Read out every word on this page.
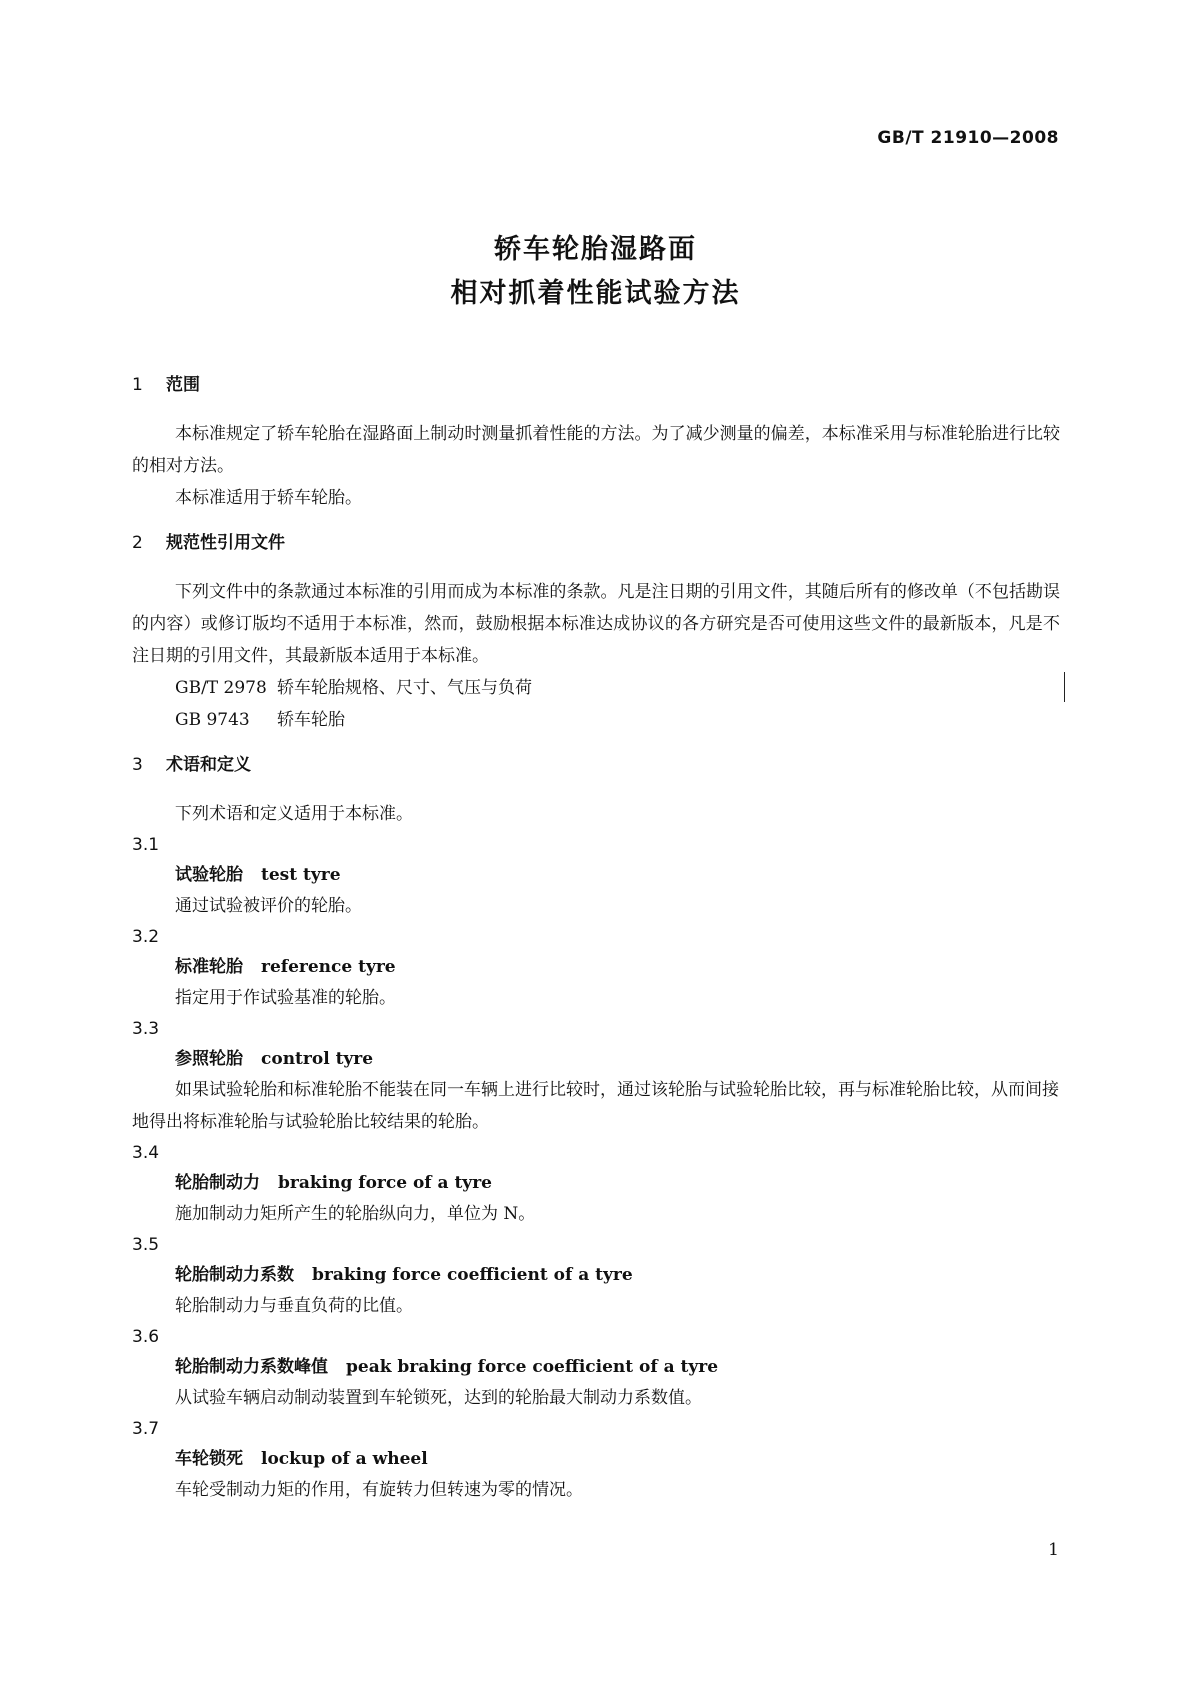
GB/T 21910—2008
轿车轮胎湿路面
相对抓着性能试验方法
1 范围

本标准规定了轿车轮胎在湿路面上制动时测量抓着性能的方法。为了减少测量的偏差，本标准采用与标准轮胎进行比较的相对方法。

本标准适用于轿车轮胎。

2 规范性引用文件

下列文件中的条款通过本标准的引用而成为本标准的条款。凡是注日期的引用文件，其随后所有的修改单（不包括勘误的内容）或修订版均不适用于本标准，然而，鼓励根据本标准达成协议的各方研究是否可使用这些文件的最新版本，凡是不注日期的引用文件，其最新版本适用于本标准。

GB/T 2978 轿车轮胎规格、尺寸、气压与负荷
GB 9743 轿车轮胎
3 术语和定义

下列术语和定义适用于本标准。

3.1
试验轮胎 test tyre

通过试验被评价的轮胎。

3.2
标准轮胎 reference tyre

指定用于作试验基准的轮胎。

3.3
参照轮胎 control tyre

如果试验轮胎和标准轮胎不能装在同一车辆上进行比较时，通过该轮胎与试验轮胎比较，再与标准轮胎比较，从而间接地得出将标准轮胎与试验轮胎比较结果的轮胎。

3.4
轮胎制动力 braking force of a tyre

施加制动力矩所产生的轮胎纵向力，单位为 N。

3.5
轮胎制动力系数 braking force coefficient of a tyre

轮胎制动力与垂直负荷的比值。

3.6
轮胎制动力系数峰值 peak braking force coefficient of a tyre

从试验车辆启动制动装置到车轮锁死，达到的轮胎最大制动力系数值。

3.7
车轮锁死 lockup of a wheel

车轮受制动力矩的作用，有旋转力但转速为零的情况。

1
